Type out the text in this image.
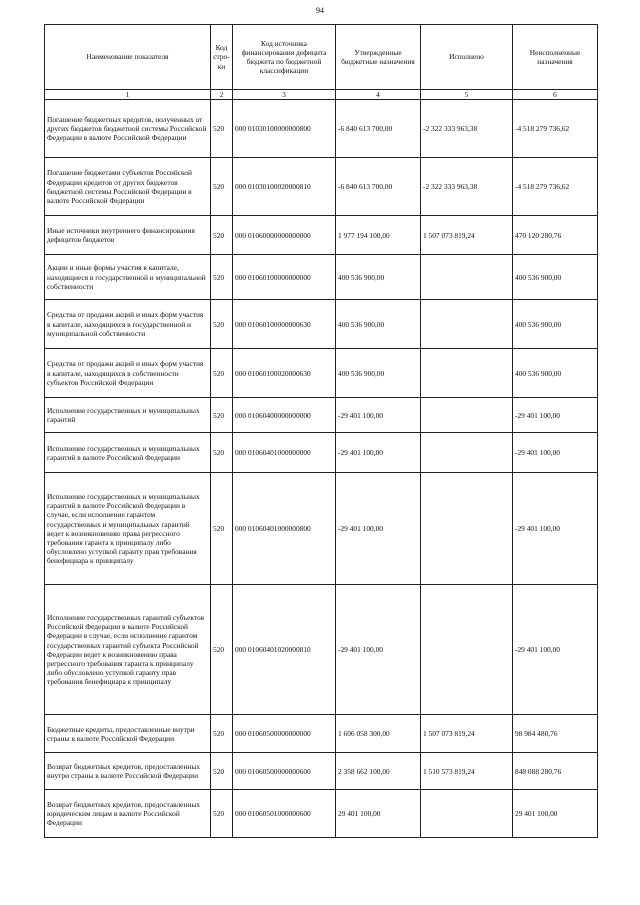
94
Наименование показателя	Код стро-ки	Код источника финансирования дефицита бюджета по бюджетной классификации	Утвержденные бюджетные назначения	Исполнено	Неисполненные назначения
1	2	3	4	5	6
Погашение бюджетных кредитов, полученных от других бюджетов бюджетной системы Российской Федерации в валюте Российской Федерации	520	000 01030100000000800	-6 840 613 700,00	-2 322 333 963,38	-4 518 279 736,62
Погашение бюджетами субъектов Российской Федерации кредитов от других бюджетов бюджетной системы Российской Федерации в валюте Российской Федерации	520	000 01030100020000810	-6 840 613 700,00	-2 322 333 963,38	-4 518 279 736,62
Иные источники внутреннего финансирования дефицитов бюджетов	520	000 01060000000000000	1 977 194 100,00	1 507 073 819,24	470 120 280,76
Акции и иные формы участия в капитале, находящиеся в государственной и муниципальной собственности	520	000 01060100000000000	400 536 900,00		400 536 900,00
Средства от продажи акций и иных форм участия в капитале, находящихся в государственной и муниципальной собственности	520	000 01060100000000630	400 536 900,00		400 536 900,00
Средства от продажи акций и иных форм участия в капитале, находящихся в собственности субъектов Российской Федерации	520	000 01060100020000630	400 536 900,00		400 536 900,00
Исполнение государственных и муниципальных гарантий	520	000 01060400000000000	-29 401 100,00		-29 401 100,00
Исполнение государственных и муниципальных гарантий в валюте Российской Федерации	520	000 01060401000000000	-29 401 100,00		-29 401 100,00
Исполнение государственных и муниципальных гарантий в валюте Российской Федерации в случае, если исполнение гарантом государственных и муниципальных гарантий ведет к возникновению права регрессного требования гаранта к принципалу либо обусловлено уступкой гаранту прав требования бенефициара к принципалу	520	000 01060401000000800	-29 401 100,00		-29 401 100,00
Исполнение государственных гарантий субъектов Российской Федерации в валюте Российской Федерации в случае, если исполнение гарантом государственных гарантий субъекта Российской Федерации ведет к возникновению права регрессного требования гаранта к принципалу либо обусловлено уступкой гаранту прав требования бенефициара к принципалу	520	000 01060401020000810	-29 401 100,00		-29 401 100,00
Бюджетные кредиты, предоставленные внутри страны в валюте Российской Федерации	520	000 01060500000000000	1 606 058 300,00	1 507 073 819,24	98 984 480,76
Возврат бюджетных кредитов, предоставленных внутри страны в валюте Российской Федерации	520	000 01060500000000600	2 358 662 100,00	1 510 573 819,24	848 088 280,76
Возврат бюджетных кредитов, предоставленных юридическим лицам в валюте Российской Федерации	520	000 01060501000000600	29 401 100,00		29 401 100,00
